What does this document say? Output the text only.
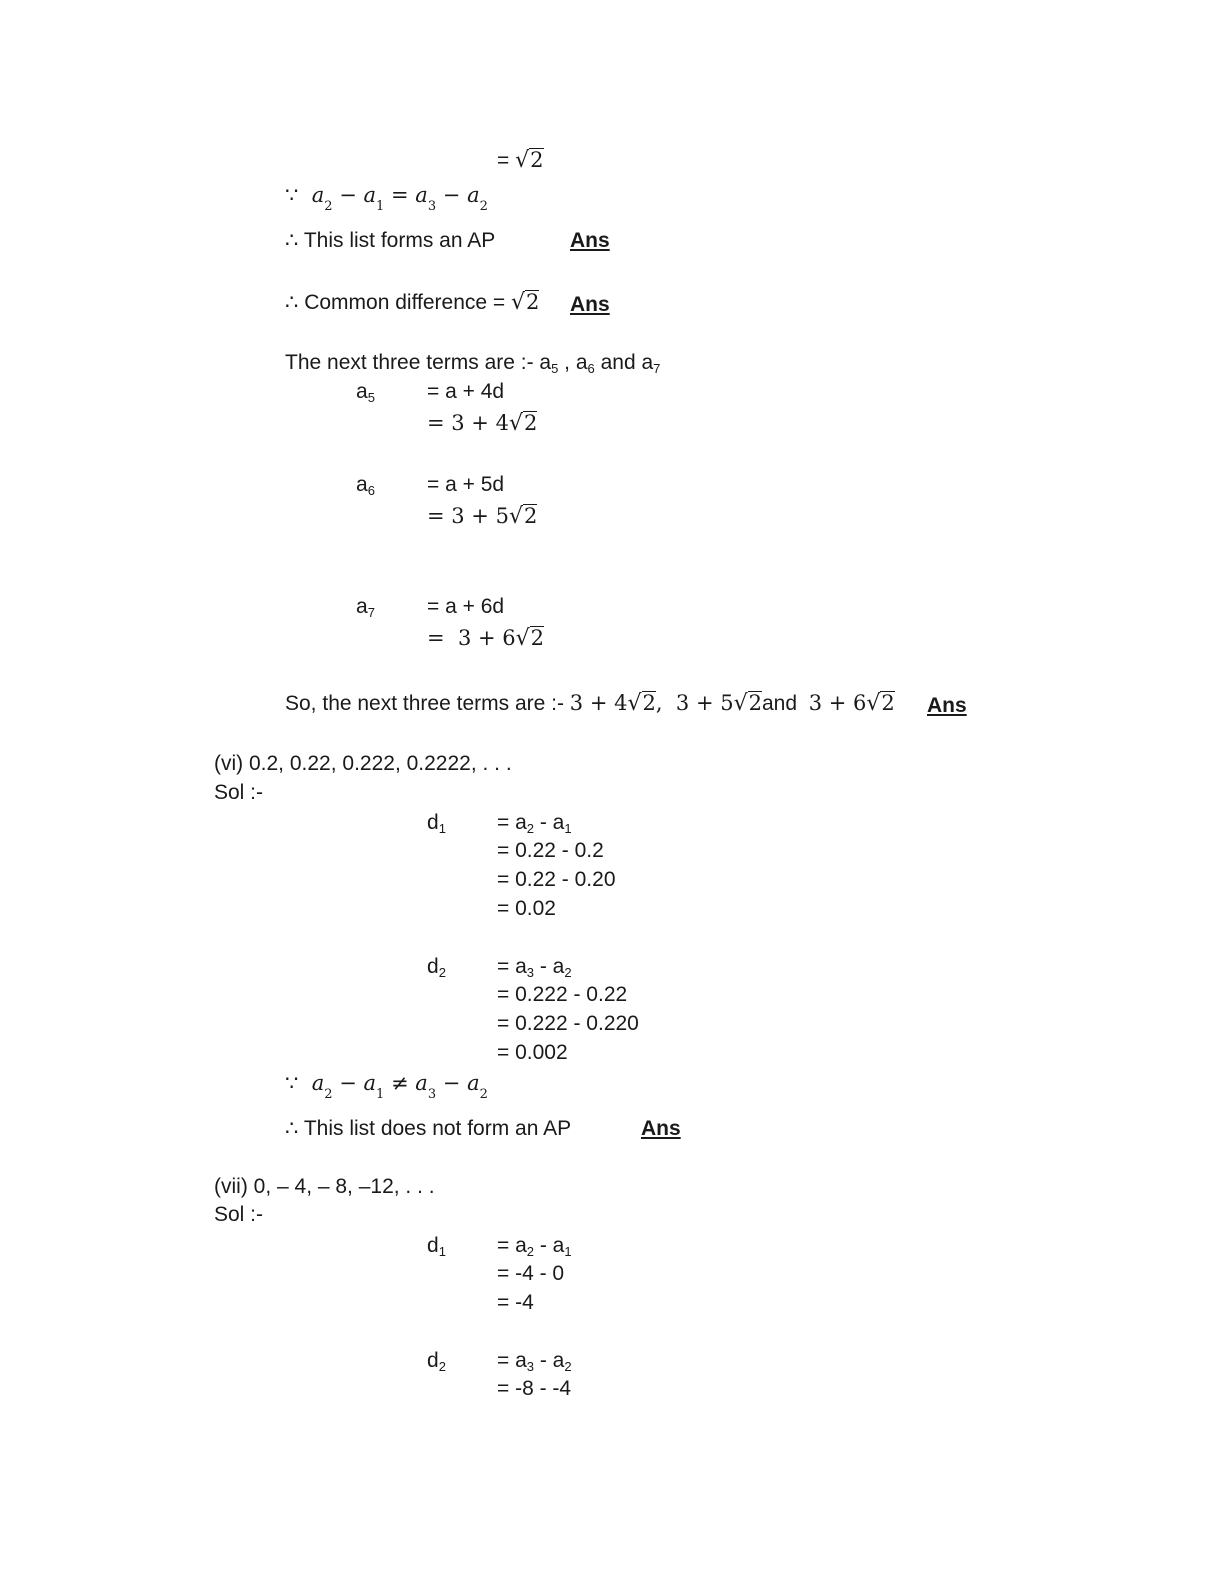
= √2
∵  $a_2 - a_1 = a_3 - a_2$
∴ This list forms an AP	Ans
∴ Common difference = √2 Ans
The next three terms are :- $a_5$ , $a_6$ and $a_7$
$a_5 = a + 4d$
= 3 + 4√2
$a_6 = a + 5d$
= 3 + 5√2
$a_7 = a + 6d$
=  3 + 6√2
So, the next three terms are :- 3 + 4√2,  3 + 5√2and 3 + 6√2 Ans
(vi) 0.2, 0.22, 0.222, 0.2222, . . .
Sol :-
$d_1 = a_2 - a_1$
= 0.22 - 0.2
= 0.22 - 0.20
= 0.02
$d_2 = a_3 - a_2$
= 0.222 - 0.22
= 0.222 - 0.220
= 0.002
∵  $a_2 - a_1 \ne a_3 - a_2$
∴ This list does not form an AP	Ans
(vii) 0, – 4, – 8, –12, . . .
Sol :-
$d_1 = a_2 - a_1$
= -4 - 0
= -4
$d_2 = a_3 - a_2$
= -8 - -4
